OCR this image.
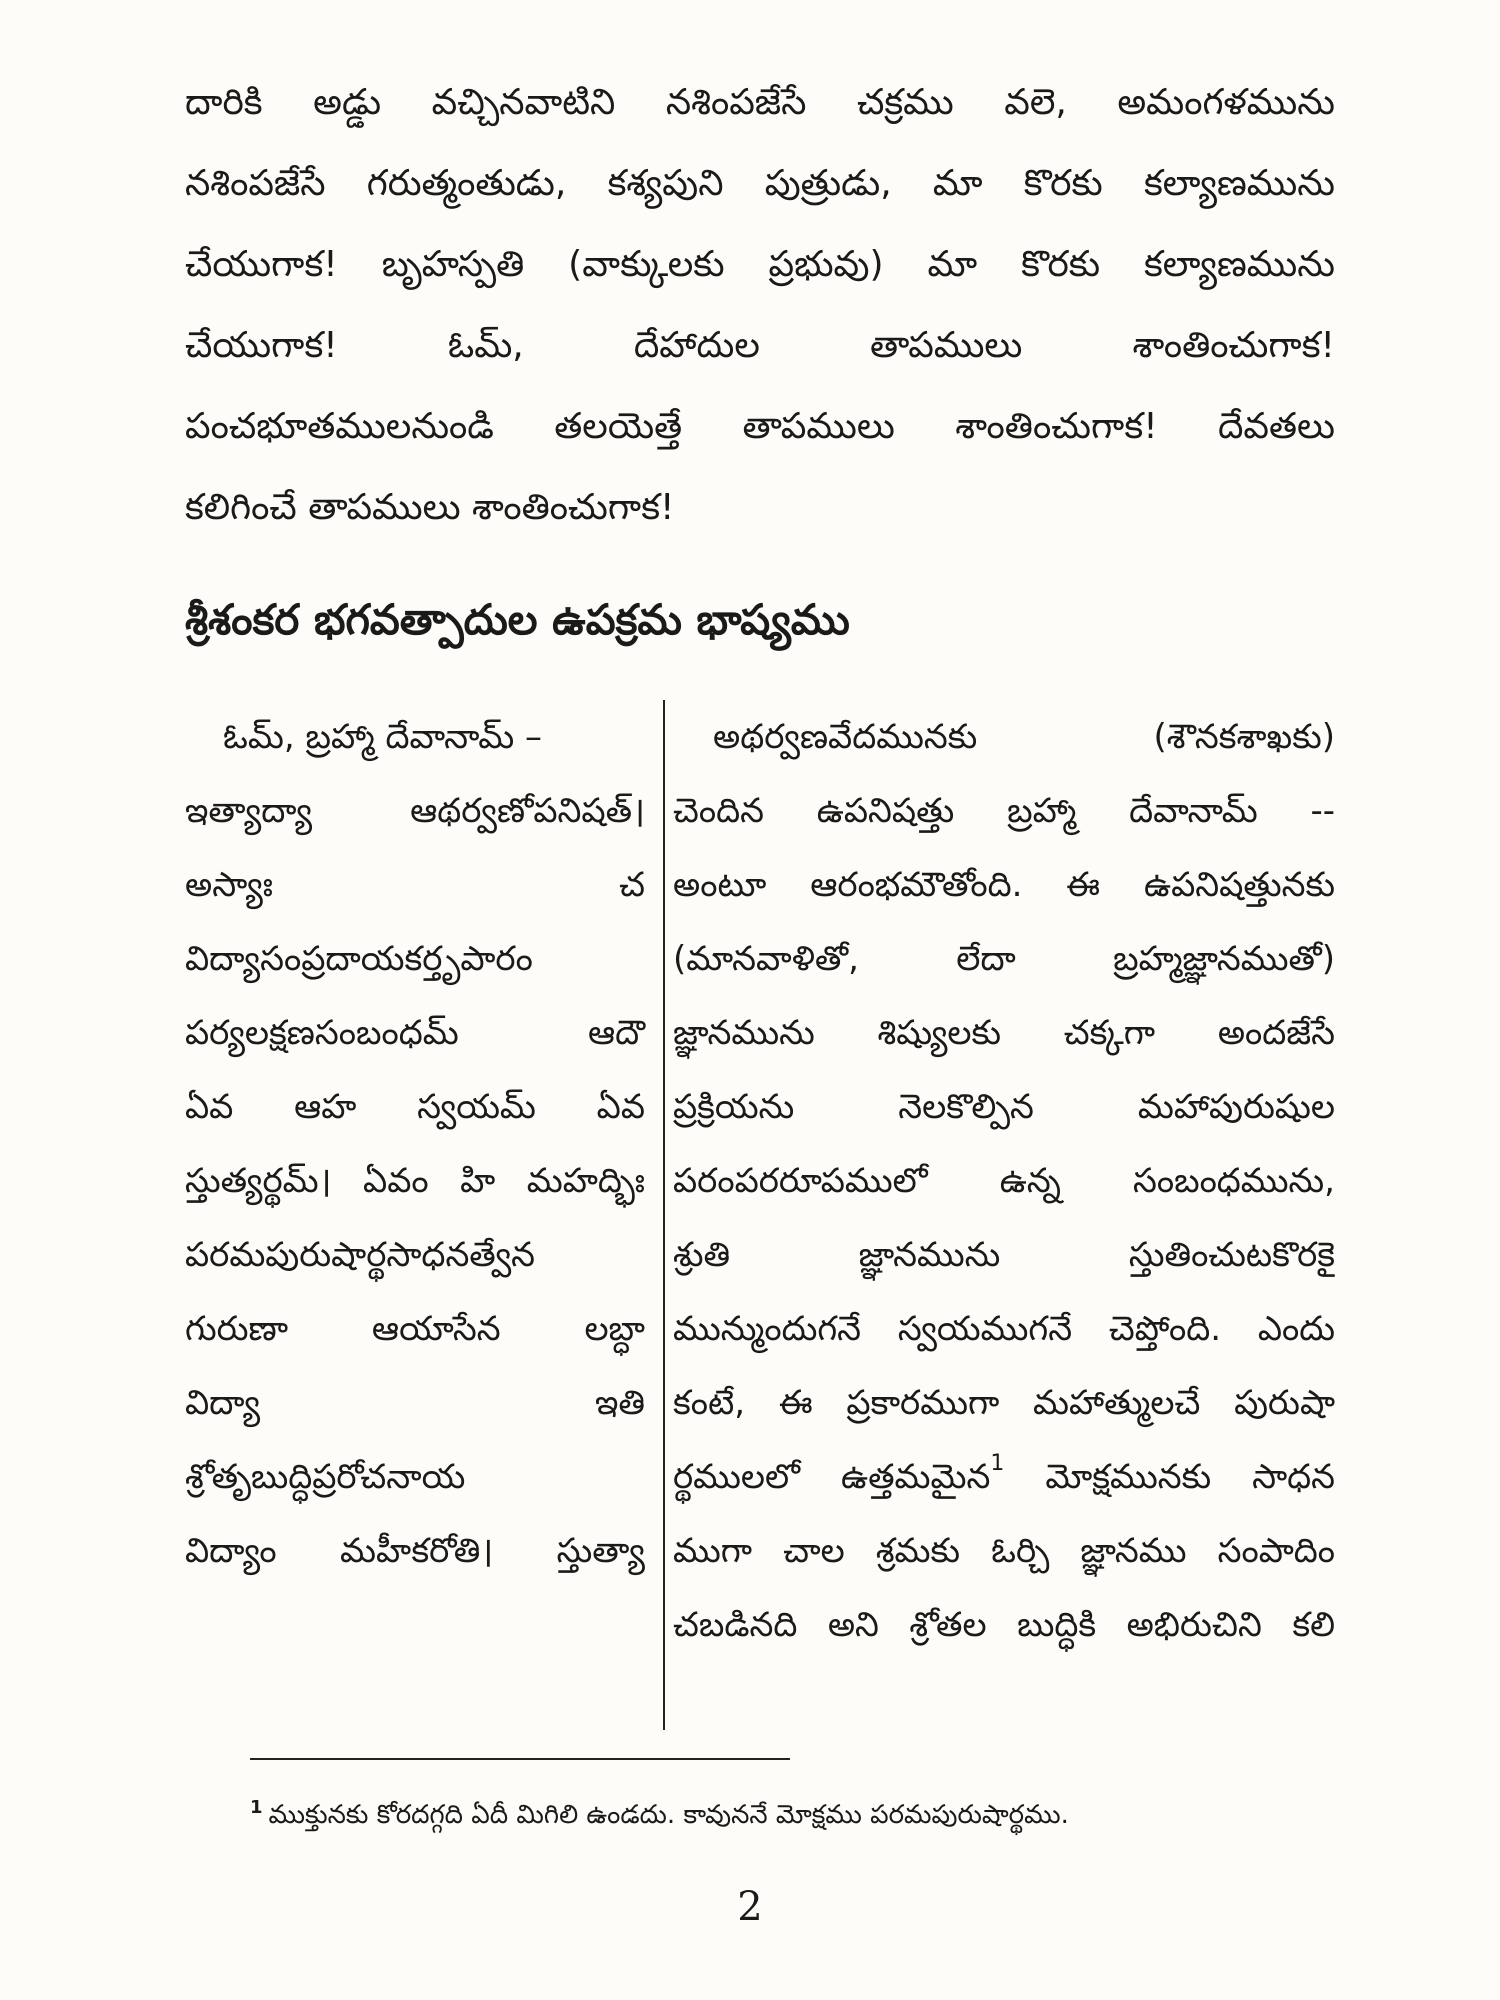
దారికి అడ్డు వచ్చినవాటిని నశింపజేసే చక్రము వలె, అమంగళమును
నశింపజేసే గరుత్మంతుడు, కశ్యపుని పుత్రుడు, మా కొరకు కల్యాణమును
చేయుగాక! బృహస్పతి (వాక్కులకు ప్రభువు) మా కొరకు కల్యాణమును
చేయుగాక! ఓమ్, దేహాదుల తాపములు శాంతించుగాక!
పంచభూతములనుండి తలయెత్తే తాపములు శాంతించుగాక! దేవతలు
కలిగించే తాపములు శాంతించుగాక!
శ్రీశంకర భగవత్పాదుల ఉపక్రమ భాష్యము
ఓమ్, బ్రహ్మా దేవానామ్ –
ఇత్యాద్యా ఆథర్వణోపనిషత్।
అస్యాః చ
విద్యాసంప్రదాయకర్తృపారం
పర్యలక్షణసంబంధమ్ ఆదౌ
ఏవ ఆహ స్వయమ్ ఏవ
స్తుత్యర్థమ్। ఏవం హి మహద్భిః
పరమపురుషార్థసాధనత్వేన
గురుణా ఆయాసేన లబ్ధా
విద్యా ఇతి
శ్రోతృబుద్ధిప్రరోచనాయ
విద్యాం మహీకరోతి। స్తుత్యా
అథర్వణవేదమునకు (శౌనకశాఖకు)
చెందిన ఉపనిషత్తు బ్రహ్మా దేవానామ్ --
అంటూ ఆరంభమౌతోంది. ఈ ఉపనిషత్తునకు
(మానవాళితో, లేదా బ్రహ్మజ్ఞానముతో)
జ్ఞానమును శిష్యులకు చక్కగా అందజేసే
ప్రక్రియను నెలకొల్పిన మహాపురుషుల
పరంపరరూపములో ఉన్న సంబంధమును,
శ్రుతి జ్ఞానమును స్తుతించుటకొరకై
మున్ముందుగనే స్వయముగనే చెప్తోంది. ఎందు
కంటే, ఈ ప్రకారముగా మహాత్ములచే పురుషా
ర్థములలో ఉత్తమమైన$^1$ మోక్షమునకు సాధన
ముగా చాల శ్రమకు ఓర్చి జ్ఞానము సంపాదిం
చబడినది అని శ్రోతల బుద్ధికి అభిరుచిని కలి

$^1$ ముక్తునకు కోరదగ్గది ఏదీ మిగిలి ఉండదు. కావుననే మోక్షము పరమపురుషార్థము.

2
